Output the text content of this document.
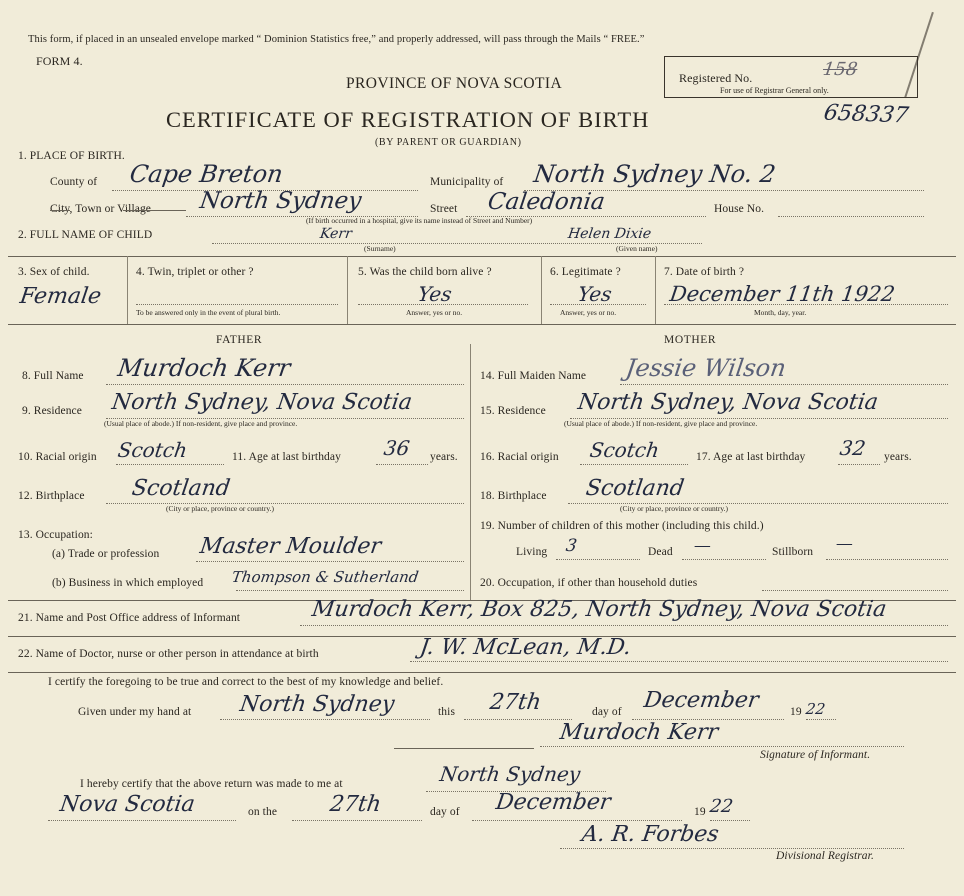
This form, if placed in an unsealed envelope marked “ Dominion Statistics free,” and properly addressed, will pass through the Mails “ FREE.”
FORM 4.
PROVINCE OF NOVA SCOTIA
CERTIFICATE OF REGISTRATION OF BIRTH
(BY PARENT OR GUARDIAN)
Registered No.	158
For use of Registrar General only.
658337
1. PLACE OF BIRTH.
County of Cape Breton	Municipality of North Sydney No. 2
City, Town or Village North Sydney	Street Caledonia	House No.
(If birth occurred in a hospital, give its name instead of Street and Number)
2. FULL NAME OF CHILD	Kerr
(Surname)
Helen Dixie
(Given name)
3. Sex of child.
Female
4. Twin, triplet or other ?
To be answered only in the event of plural birth.
5. Was the child born alive ?
Yes
Answer, yes or no.
6. Legitimate ?
Yes
Answer, yes or no.
7. Date of birth ?
December 11th 1922
Month, day, year.
FATHER	MOTHER
8. Full Name Murdoch Kerr	14. Full Maiden Name Jessie Wilson
9. Residence North Sydney, Nova Scotia
(Usual place of abode.) If non-resident, give place and province.
15. Residence North Sydney, Nova Scotia
(Usual place of abode.) If non-resident, give place and province.
10. Racial origin Scotch	11. Age at last birthday 36 years. 16. Racial origin Scotch	17. Age at last birthday 32 years.
12. Birthplace Scotland
(City or place, province or country.)
18. Birthplace Scotland
(City or place, province or country.)
13. Occupation:
19. Number of children of this mother (including this child.)
(a) Trade or profession Master Moulder	Living 3	Dead —	Stillborn —
(b) Business in which employed Thompson & Sutherland	20. Occupation, if other than household duties
21. Name and Post Office address of Informant	Murdoch Kerr, Box 825, North Sydney, Nova Scotia
22. Name of Doctor, nurse or other person in attendance at birth	J. W. McLean, M.D.
I certify the foregoing to be true and correct to the best of my knowledge and belief.
Given under my hand at North Sydney	this 27th	day of December	19 22
Murdoch Kerr
Signature of Informant.
I hereby certify that the above return was made to me at	North Sydney
Nova Scotia	on the 27th	day of December	19 22
A. R. Forbes
Divisional Registrar.
